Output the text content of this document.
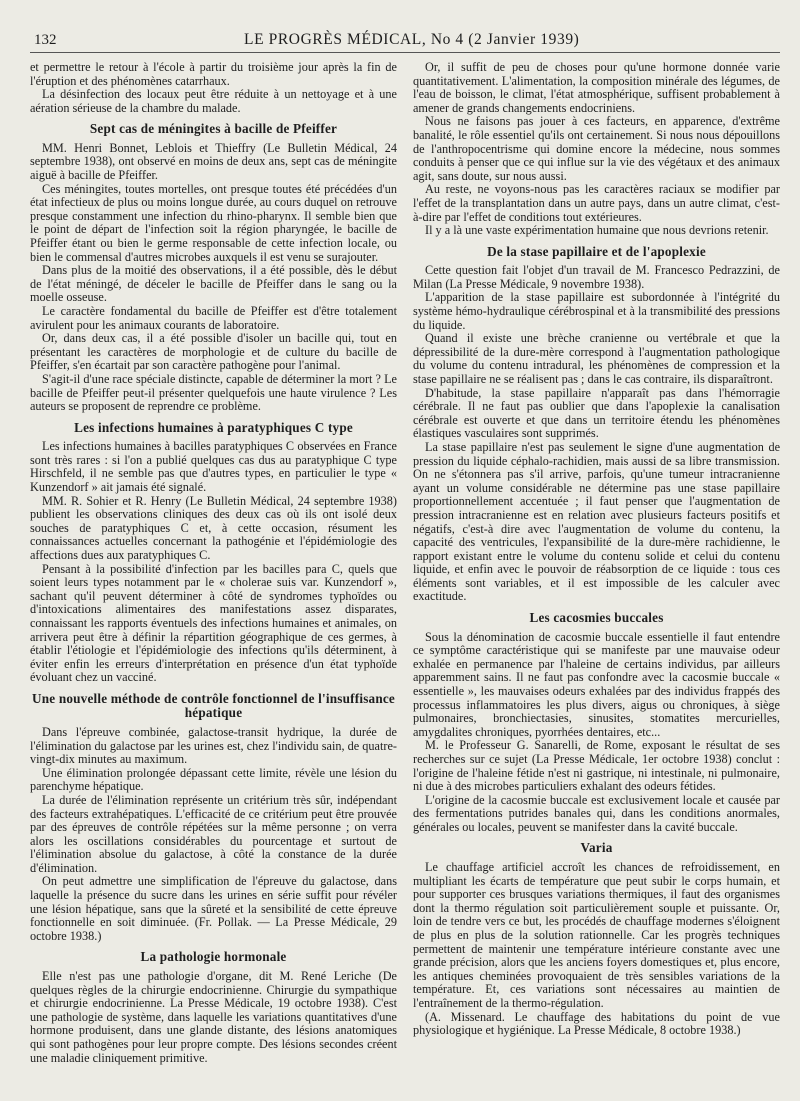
132	LE PROGRÈS MÉDICAL, No 4 (2 Janvier 1939)

et permettre le retour à l'école à partir du troisième jour après la fin de l'éruption et des phénomènes catarrhaux.

La désinfection des locaux peut être réduite à un nettoyage et à une aération sérieuse de la chambre du malade.

Sept cas de méningites à bacille de Pfeiffer

MM. Henri Bonnet, Leblois et Thieffry (Le Bulletin Médical, 24 septembre 1938), ont observé en moins de deux ans, sept cas de méningite aiguë à bacille de Pfeiffer.

Ces méningites, toutes mortelles, ont presque toutes été précédées d'un état infectieux de plus ou moins longue durée, au cours duquel on retrouve presque constamment une infection du rhino-pharynx. Il semble bien que le point de départ de l'infection soit la région pharyngée, le bacille de Pfeiffer étant ou bien le germe responsable de cette infection locale, ou bien le commensal d'autres microbes auxquels il est venu se surajouter.

Dans plus de la moitié des observations, il a été possible, dès le début de l'état méningé, de déceler le bacille de Pfeiffer dans le sang ou la moelle osseuse.

Le caractère fondamental du bacille de Pfeiffer est d'être totalement avirulent pour les animaux courants de laboratoire.

Or, dans deux cas, il a été possible d'isoler un bacille qui, tout en présentant les caractères de morphologie et de culture du bacille de Pfeiffer, s'en écartait par son caractère pathogène pour l'animal.

S'agit-il d'une race spéciale distincte, capable de déterminer la mort ? Le bacille de Pfeiffer peut-il présenter quelquefois une haute virulence ? Les auteurs se proposent de reprendre ce problème.

Les infections humaines à paratyphiques C type

Les infections humaines à bacilles paratyphiques C observées en France sont très rares : si l'on a publié quelques cas dus au paratyphique C type Hirschfeld, il ne semble pas que d'autres types, en particulier le type « Kunzendorf » ait jamais été signalé.

MM. R. Sohier et R. Henry (Le Bulletin Médical, 24 septembre 1938) publient les observations cliniques des deux cas où ils ont isolé deux souches de paratyphiques C et, à cette occasion, résument les connaissances actuelles concernant la pathogénie et l'épidémiologie des affections dues aux paratyphiques C.

Pensant à la possibilité d'infection par les bacilles para C, quels que soient leurs types notamment par le « cholerae suis var. Kunzendorf », sachant qu'il peuvent déterminer à côté de syndromes typhoïdes ou d'intoxications alimentaires des manifestations assez disparates, connaissant les rapports éventuels des infections humaines et animales, on arrivera peut être à définir la répartition géographique de ces germes, à établir l'étiologie et l'épidémiologie des infections qu'ils déterminent, à éviter enfin les erreurs d'interprétation en présence d'un état typhoïde évoluant chez un vacciné.

Une nouvelle méthode de contrôle fonctionnel de l'insuffisance hépatique

Dans l'épreuve combinée, galactose-transit hydrique, la durée de l'élimination du galactose par les urines est, chez l'individu sain, de quatre-vingt-dix minutes au maximum.

Une élimination prolongée dépassant cette limite, révèle une lésion du parenchyme hépatique.

La durée de l'élimination représente un critérium très sûr, indépendant des facteurs extrahépatiques. L'efficacité de ce critérium peut être prouvée par des épreuves de contrôle répétées sur la même personne ; on verra alors les oscillations considérables du pourcentage et surtout de l'élimination absolue du galactose, à côté la constance de la durée d'élimination.

On peut admettre une simplification de l'épreuve du galactose, dans laquelle la présence du sucre dans les urines en série suffit pour révéler une lésion hépatique, sans que la sûreté et la sensibilité de cette épreuve fonctionnelle en soit diminuée. (Fr. Pollak. — La Presse Médicale, 29 octobre 1938.)

La pathologie hormonale

Elle n'est pas une pathologie d'organe, dit M. René Leriche (De quelques règles de la chirurgie endocrinienne. Chirurgie du sympathique et chirurgie endocrinienne. La Presse Médicale, 19 octobre 1938). C'est une pathologie de système, dans laquelle les variations quantitatives d'une hormone produisent, dans une glande distante, des lésions anatomiques qui sont pathogènes pour leur propre compte. Des lésions secondes créent une maladie cliniquement primitive.

Or, il suffit de peu de choses pour qu'une hormone donnée varie quantitativement. L'alimentation, la composition minérale des légumes, de l'eau de boisson, le climat, l'état atmosphérique, suffisent probablement à amener de grands changements endocriniens.

Nous ne faisons pas jouer à ces facteurs, en apparence, d'extrême banalité, le rôle essentiel qu'ils ont certainement. Si nous nous dépouillons de l'anthropocentrisme qui domine encore la médecine, nous sommes conduits à penser que ce qui influe sur la vie des végétaux et des animaux agit, sans doute, sur nous aussi.

Au reste, ne voyons-nous pas les caractères raciaux se modifier par l'effet de la transplantation dans un autre pays, dans un autre climat, c'est-à-dire par l'effet de conditions tout extérieures.

Il y a là une vaste expérimentation humaine que nous devrions retenir.

De la stase papillaire et de l'apoplexie

Cette question fait l'objet d'un travail de M. Francesco Pedrazzini, de Milan (La Presse Médicale, 9 novembre 1938).

L'apparition de la stase papillaire est subordonnée à l'intégrité du système hémo-hydraulique cérébrospinal et à la transmibilité des pressions du liquide.

Quand il existe une brèche cranienne ou vertébrale et que la dépressibilité de la dure-mère correspond à l'augmentation pathologique du volume du contenu intradural, les phénomènes de compression et la stase papillaire ne se réalisent pas ; dans le cas contraire, ils disparaîtront.

D'habitude, la stase papillaire n'apparaît pas dans l'hémorragie cérébrale. Il ne faut pas oublier que dans l'apoplexie la canalisation cérébrale est ouverte et que dans un territoire étendu les phénomènes élastiques vasculaires sont supprimés.

La stase papillaire n'est pas seulement le signe d'une augmentation de pression du liquide céphalo-rachidien, mais aussi de sa libre transmission. On ne s'étonnera pas s'il arrive, parfois, qu'une tumeur intracranienne ayant un volume considérable ne détermine pas une stase papillaire proportionnellement accentuée ; il faut penser que l'augmentation de pression intracranienne est en relation avec plusieurs facteurs positifs et négatifs, c'est-à dire avec l'augmentation de volume du contenu, la capacité des ventricules, l'expansibilité de la dure-mère rachidienne, le rapport existant entre le volume du contenu solide et celui du contenu liquide, et enfin avec le pouvoir de réabsorption de ce liquide : tous ces éléments sont variables, et il est impossible de les calculer avec exactitude.

Les cacosmies buccales

Sous la dénomination de cacosmie buccale essentielle il faut entendre ce symptôme caractéristique qui se manifeste par une mauvaise odeur exhalée en permanence par l'haleine de certains individus, par ailleurs apparemment sains. Il ne faut pas confondre avec la cacosmie buccale « essentielle », les mauvaises odeurs exhalées par des individus frappés des processus inflammatoires les plus divers, aigus ou chroniques, à siège pulmonaires, bronchiectasies, sinusites, stomatites mercurielles, amygdalites chroniques, pyorrhées dentaires, etc...

M. le Professeur G. Sanarelli, de Rome, exposant le résultat de ses recherches sur ce sujet (La Presse Médicale, 1er octobre 1938) conclut : l'origine de l'haleine fétide n'est ni gastrique, ni intestinale, ni pulmonaire, ni due à des microbes particuliers exhalant des odeurs fétides.

L'origine de la cacosmie buccale est exclusivement locale et causée par des fermentations putrides banales qui, dans les conditions anormales, générales ou locales, peuvent se manifester dans la cavité buccale.

Varia

Le chauffage artificiel accroît les chances de refroidissement, en multipliant les écarts de température que peut subir le corps humain, et pour supporter ces brusques variations thermiques, il faut des organismes dont la thermo régulation soit particulièrement souple et puissante. Or, loin de tendre vers ce but, les procédés de chauffage modernes s'éloignent de plus en plus de la solution rationnelle. Car les progrès techniques permettent de maintenir une température intérieure constante avec une grande précision, alors que les anciens foyers domestiques et, plus encore, les antiques cheminées provoquaient de très sensibles variations de la température. Et, ces variations sont nécessaires au maintien de l'entraînement de la thermo-régulation.

(A. Missenard. Le chauffage des habitations du point de vue physiologique et hygiénique. La Presse Médicale, 8 octobre 1938.)
